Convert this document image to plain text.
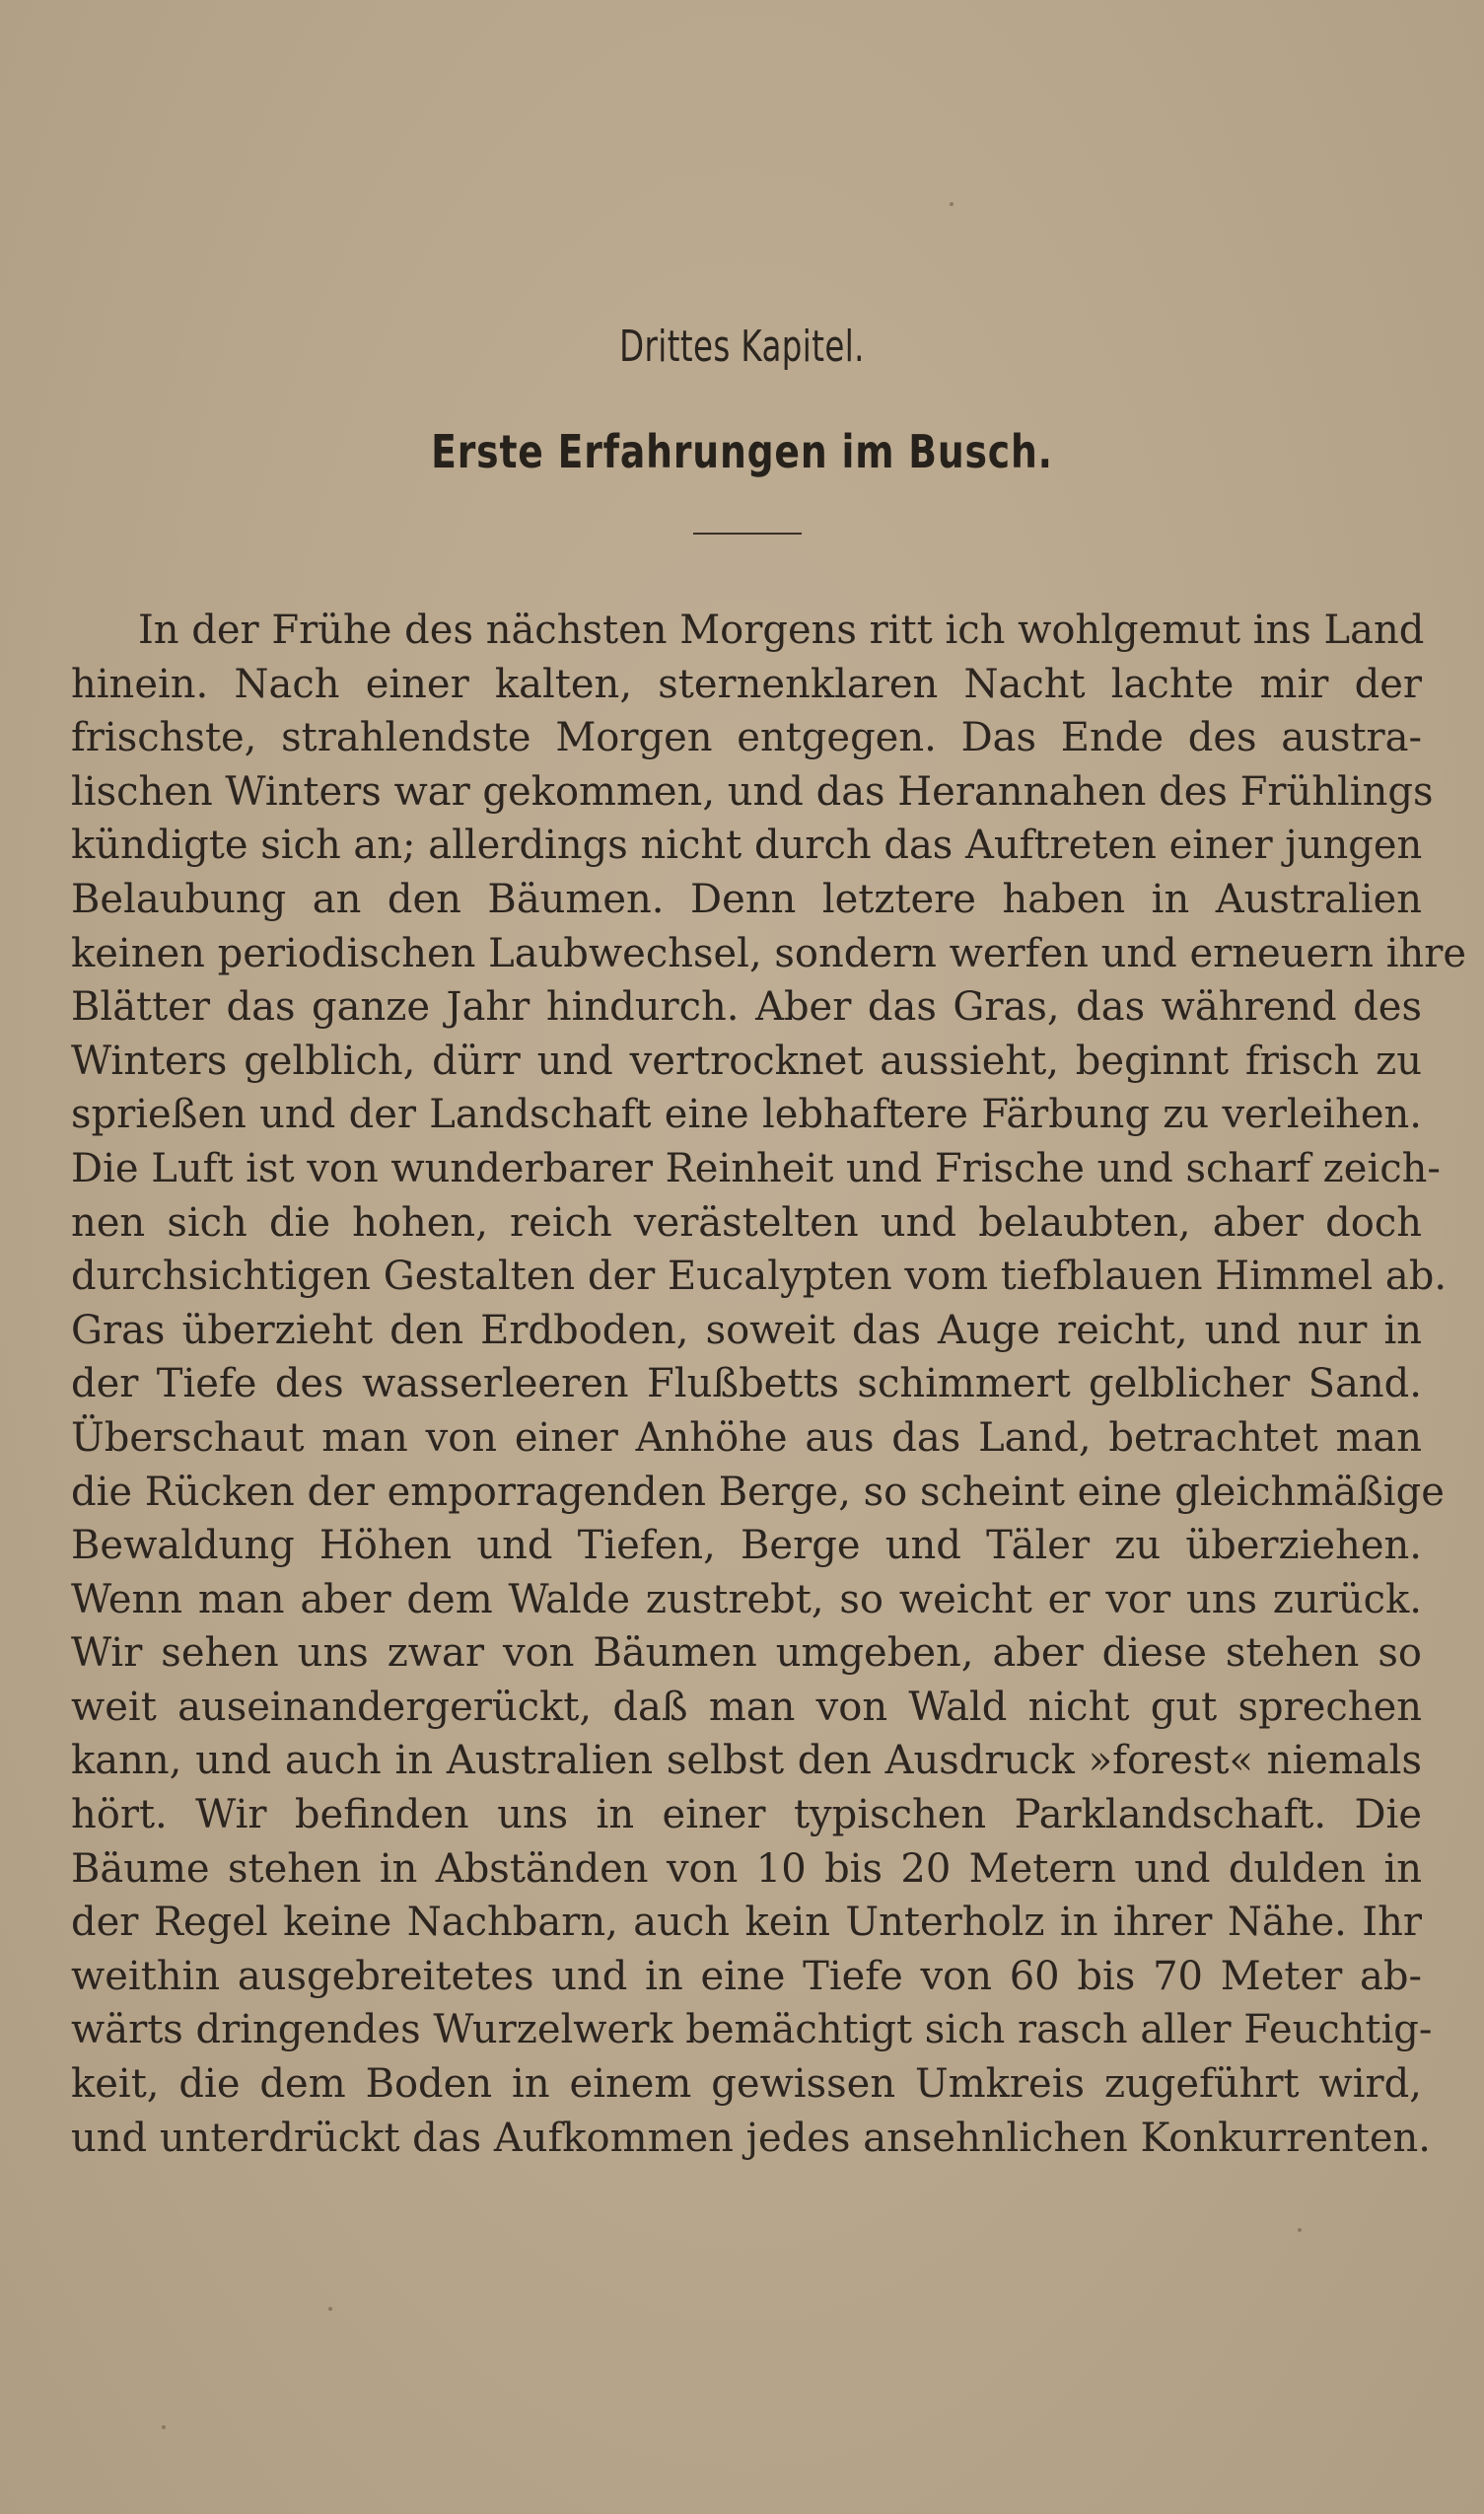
Drittes Kapitel.
Erste Erfahrungen im Busch.
In der Frühe des nächsten Morgens ritt ich wohlgemut ins Land
hinein. Nach einer kalten, sternenklaren Nacht lachte mir der
frischste, strahlendste Morgen entgegen. Das Ende des austra-
lischen Winters war gekommen, und das Herannahen des Frühlings
kündigte sich an; allerdings nicht durch das Auftreten einer jungen
Belaubung an den Bäumen. Denn letztere haben in Australien
keinen periodischen Laubwechsel, sondern werfen und erneuern ihre
Blätter das ganze Jahr hindurch. Aber das Gras, das während des
Winters gelblich, dürr und vertrocknet aussieht, beginnt frisch zu
sprießen und der Landschaft eine lebhaftere Färbung zu verleihen.
Die Luft ist von wunderbarer Reinheit und Frische und scharf zeich-
nen sich die hohen, reich verästelten und belaubten, aber doch
durchsichtigen Gestalten der Eucalypten vom tiefblauen Himmel ab.
Gras überzieht den Erdboden, soweit das Auge reicht, und nur in
der Tiefe des wasserleeren Flußbetts schimmert gelblicher Sand.
Überschaut man von einer Anhöhe aus das Land, betrachtet man
die Rücken der emporragenden Berge, so scheint eine gleichmäßige
Bewaldung Höhen und Tiefen, Berge und Täler zu überziehen.
Wenn man aber dem Walde zustrebt, so weicht er vor uns zurück.
Wir sehen uns zwar von Bäumen umgeben, aber diese stehen so
weit auseinandergerückt, daß man von Wald nicht gut sprechen
kann, und auch in Australien selbst den Ausdruck »forest« niemals
hört. Wir befinden uns in einer typischen Parklandschaft. Die
Bäume stehen in Abständen von 10 bis 20 Metern und dulden in
der Regel keine Nachbarn, auch kein Unterholz in ihrer Nähe. Ihr
weithin ausgebreitetes und in eine Tiefe von 60 bis 70 Meter ab-
wärts dringendes Wurzelwerk bemächtigt sich rasch aller Feuchtig-
keit, die dem Boden in einem gewissen Umkreis zugeführt wird,
und unterdrückt das Aufkommen jedes ansehnlichen Konkurrenten.
